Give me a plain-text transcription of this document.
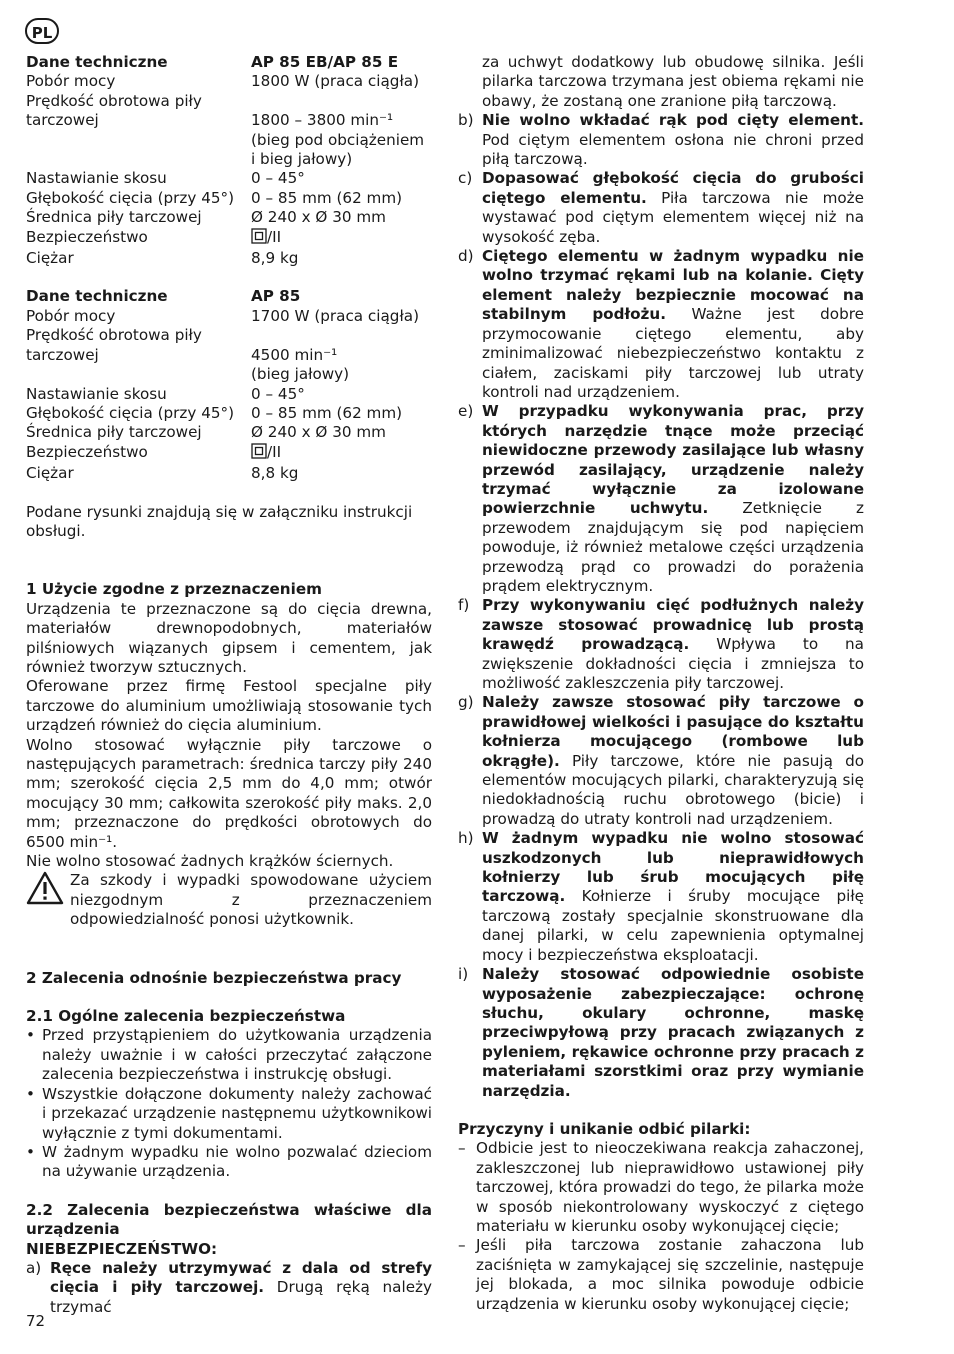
PL
Dane techniczne	AP 85 EB/AP 85 E
Pobór mocy	1800 W (praca ciągła)
Prędkość obrotowa piły
tarczowej	1800 – 3800 min⁻¹
(bieg pod obciążeniem
i bieg jałowy)
Nastawianie skosu	0 – 45°
Głębokość cięcia (przy 45°)	0 – 85 mm (62 mm)
Średnica piły tarczowej	Ø 240 x Ø 30 mm
Bezpieczeństwo	/II
Ciężar	8,9 kg
Dane techniczne	AP 85
Pobór mocy	1700 W (praca ciągła)
Prędkość obrotowa piły
tarczowej	4500 min⁻¹
(bieg jałowy)
Nastawianie skosu	0 – 45°
Głębokość cięcia (przy 45°)	0 – 85 mm (62 mm)
Średnica piły tarczowej	Ø 240 x Ø 30 mm
Bezpieczeństwo	/II
Ciężar	8,8 kg

Podane rysunki znajdują się w załączniku instrukcji obsługi.

1 Użycie zgodne z przeznaczeniem

Urządzenia te przeznaczone są do cięcia drewna, materiałów drewnopodobnych, materiałów pilśniowych wiązanych gipsem i cementem, jak również tworzyw sztucznych.

Oferowane przez firmę Festool specjalne piły tarczowe do aluminium umożliwiają stosowanie tych urządzeń również do cięcia aluminium.

Wolno stosować wyłącznie piły tarczowe o następujących parametrach: średnica tarczy piły 240 mm; szerokość cięcia 2,5 mm do 4,0 mm; otwór mocujący 30 mm; całkowita szerokość piły maks. 2,0 mm; przeznaczone do prędkości obrotowych do 6500 min⁻¹.

Nie wolno stosować żadnych krążków ściernych.

Za szkody i wypadki spowodowane użyciem niezgodnym z przeznaczeniem odpowiedzialność ponosi użytkownik.

2 Zalecenia odnośnie bezpieczeństwa pracy

2.1 Ogólne zalecenia bezpieczeństwa

• Przed przystąpieniem do użytkowania urządzenia należy uważnie i w całości przeczytać załączone zalecenia bezpieczeństwa i instrukcję obsługi.
• Wszystkie dołączone dokumenty należy zachować i przekazać urządzenie następnemu użytkownikowi wyłącznie z tymi dokumentami.
• W żadnym wypadku nie wolno pozwalać dzieciom na używanie urządzenia.

2.2 Zalecenia bezpieczeństwa właściwe dla urządzenia

NIEBEZPIECZEŃSTWO:

a) Ręce należy utrzymywać z dala od strefy cięcia i piły tarczowej. Drugą ręką należy trzymać
za uchwyt dodatkowy lub obudowę silnika. Jeśli pilarka tarczowa trzymana jest obiema rękami nie obawy, że zostaną one zranione piłą tarczową.
b) Nie wolno wkładać rąk pod cięty element. Pod ciętym elementem osłona nie chroni przed piłą tarczową.
c) Dopasować głębokość cięcia do grubości ciętego elementu. Piła tarczowa nie może wystawać pod ciętym elementem więcej niż na wysokość zęba.
d) Ciętego elementu w żadnym wypadku nie wolno trzymać rękami lub na kolanie. Cięty element należy bezpiecznie mocować na stabilnym podłożu. Ważne jest dobre przymocowanie ciętego elementu, aby zminimalizować niebezpieczeństwo kontaktu z ciałem, zaciskami piły tarczowej lub utraty kontroli nad urządzeniem.
e) W przypadku wykonywania prac, przy których narzędzie tnące może przeciąć niewidoczne przewody zasilające lub własny przewód zasilający, urządzenie należy trzymać wyłącznie za izolowane powierzchnie uchwytu. Zetknięcie z przewodem znajdującym się pod napięciem powoduje, iż również metalowe części urządzenia przewodzą prąd co prowadzi do porażenia prądem elektrycznym.
f) Przy wykonywaniu cięć podłużnych należy zawsze stosować prowadnicę lub prostą krawędź prowadzącą. Wpływa to na zwiększenie dokładności cięcia i zmniejsza to możliwość zakleszczenia piły tarczowej.
g) Należy zawsze stosować piły tarczowe o prawidłowej wielkości i pasujące do kształtu kołnierza mocującego (rombowe lub okrągłe). Piły tarczowe, które nie pasują do elementów mocujących pilarki, charakteryzują się niedokładnością ruchu obrotowego (bicie) i prowadzą do utraty kontroli nad urządzeniem.
h) W żadnym wypadku nie wolno stosować uszkodzonych lub nieprawidłowych kołnierzy lub śrub mocujących piłę tarczową. Kołnierze i śruby mocujące piłę tarczową zostały specjalnie skonstruowane dla danej pilarki, w celu zapewnienia optymalnej mocy i bezpieczeństwa eksploatacji.
i) Należy stosować odpowiednie osobiste wyposażenie zabezpieczające: ochronę słuchu, okulary ochronne, maskę przeciwpyłową przy pracach związanych z pyleniem, rękawice ochronne przy pracach z materiałami szorstkimi oraz przy wymianie narzędzia.

Przyczyny i unikanie odbić pilarki:

– Odbicie jest to nieoczekiwana reakcja zahaczonej, zakleszczonej lub nieprawidłowo ustawionej piły tarczowej, która prowadzi do tego, że pilarka może w sposób niekontrolowany wyskoczyć z ciętego materiału w kierunku osoby wykonującej cięcie;
– Jeśli piła tarczowa zostanie zahaczona lub zaciśnięta w zamykającej się szczelinie, następuje jej blokada, a moc silnika powoduje odbicie urządzenia w kierunku osoby wykonującej cięcie;
72
